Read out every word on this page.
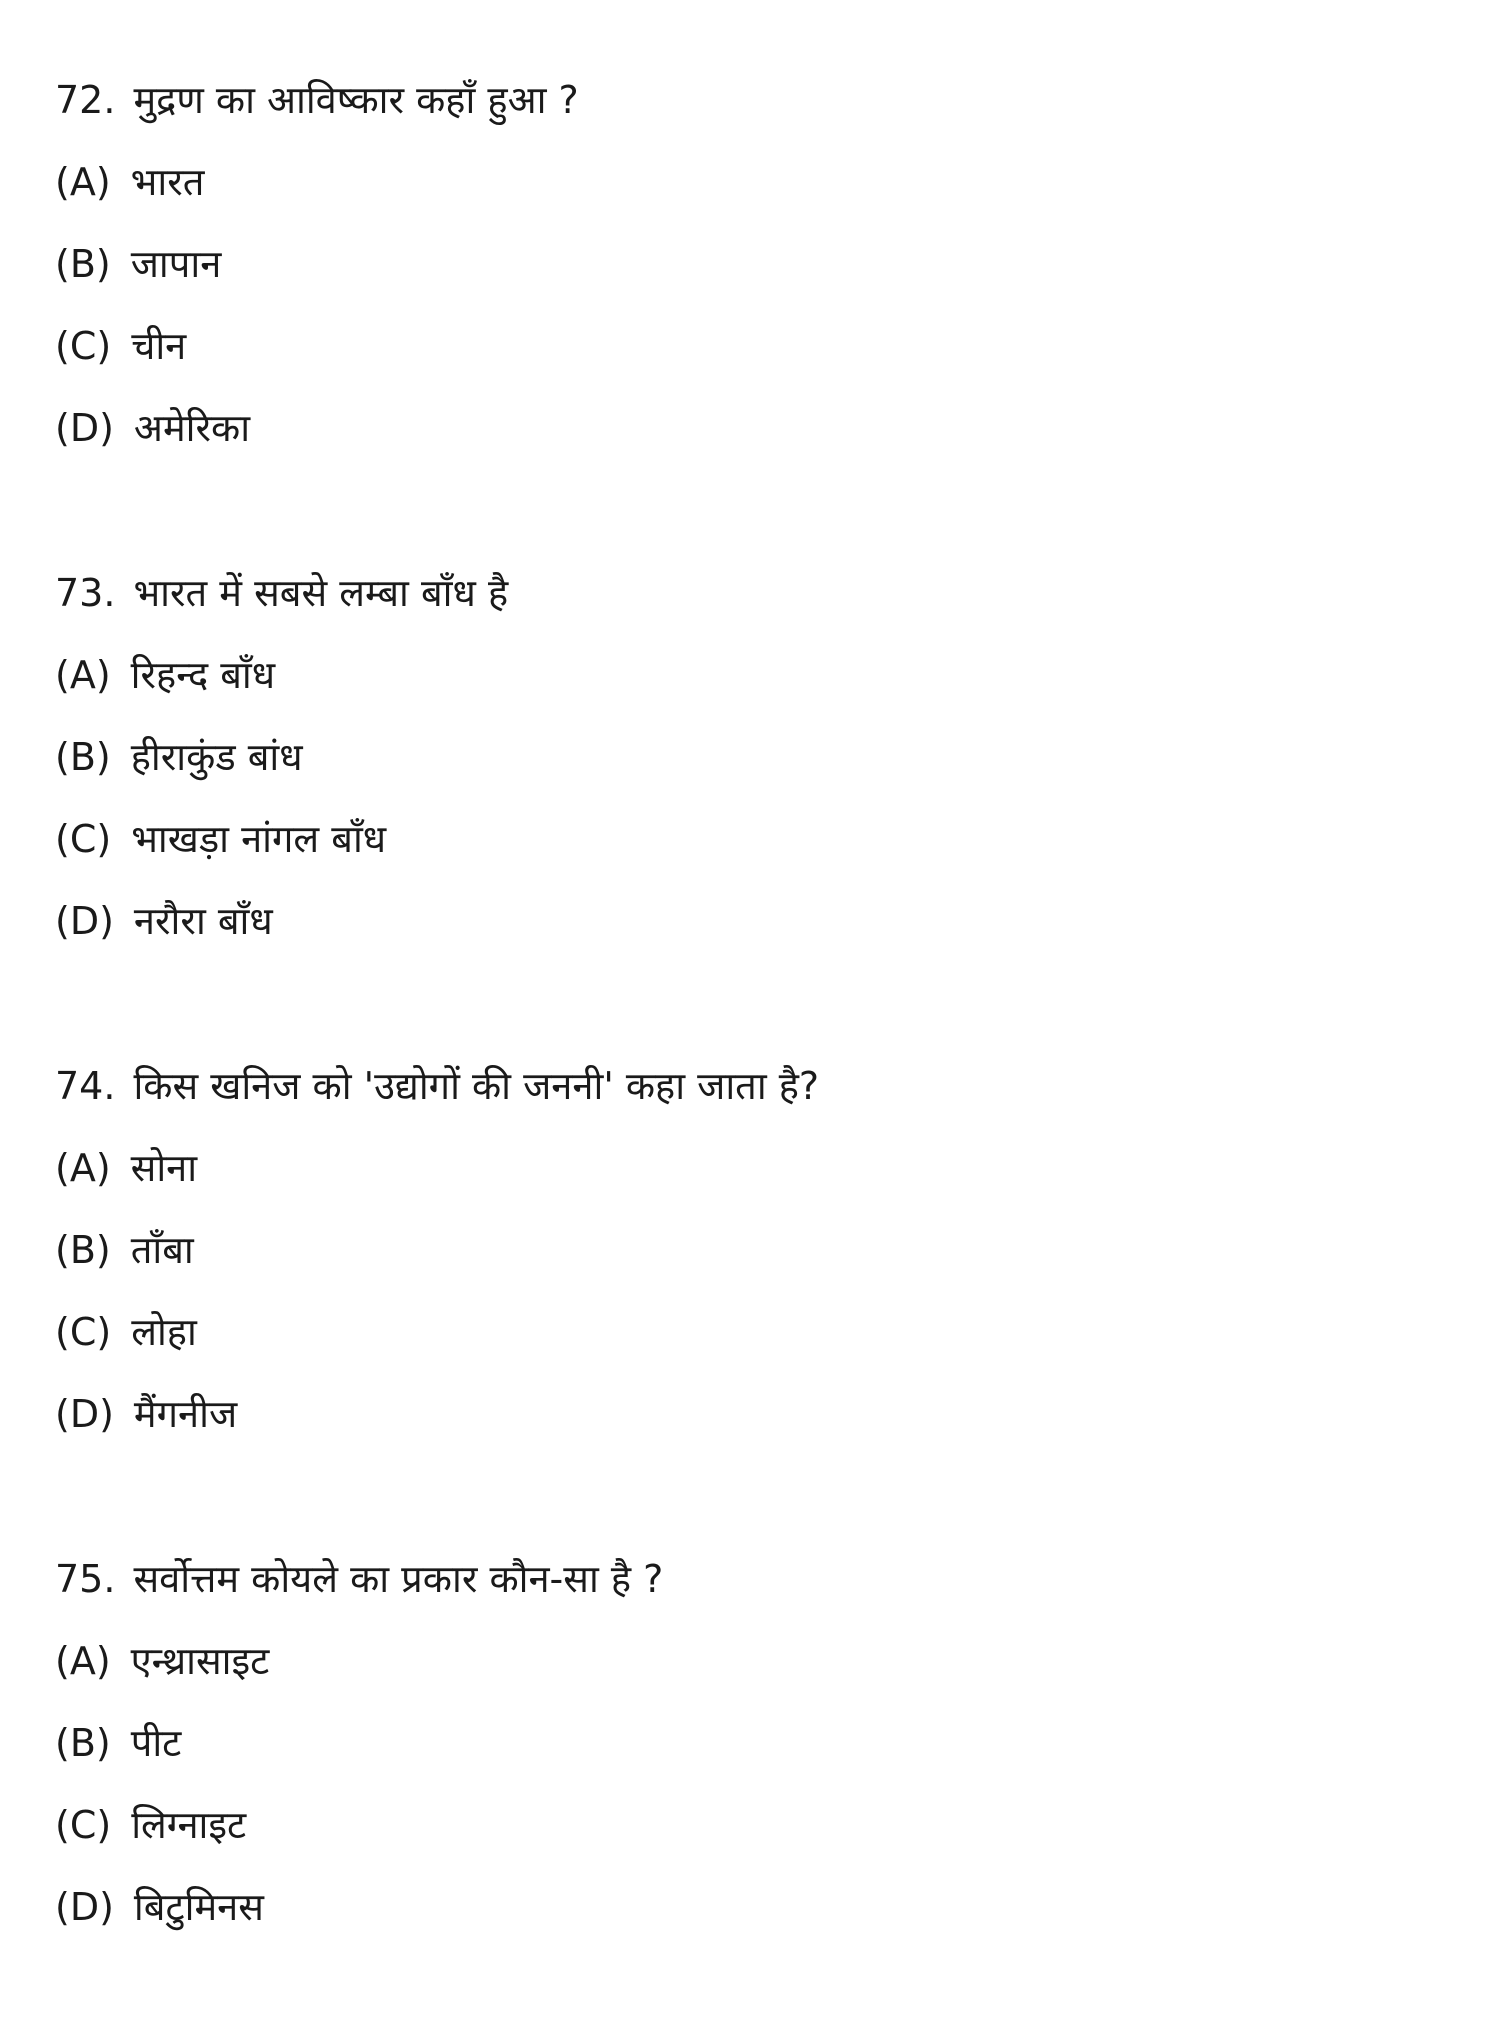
72. मुद्रण का आविष्कार कहाँ हुआ ?
(A) भारत
(B) जापान
(C) चीन
(D) अमेरिका
73. भारत में सबसे लम्बा बाँध है
(A) रिहन्द बाँध
(B) हीराकुंड बांध
(C) भाखड़ा नांगल बाँध
(D) नरौरा बाँध
74. किस खनिज को 'उद्योगों की जननी' कहा जाता है?
(A) सोना
(B) ताँबा
(C) लोहा
(D) मैंगनीज
75. सर्वोत्तम कोयले का प्रकार कौन-सा है ?
(A) एन्थ्रासाइट
(B) पीट
(C) लिग्नाइट
(D) बिटुमिनस
